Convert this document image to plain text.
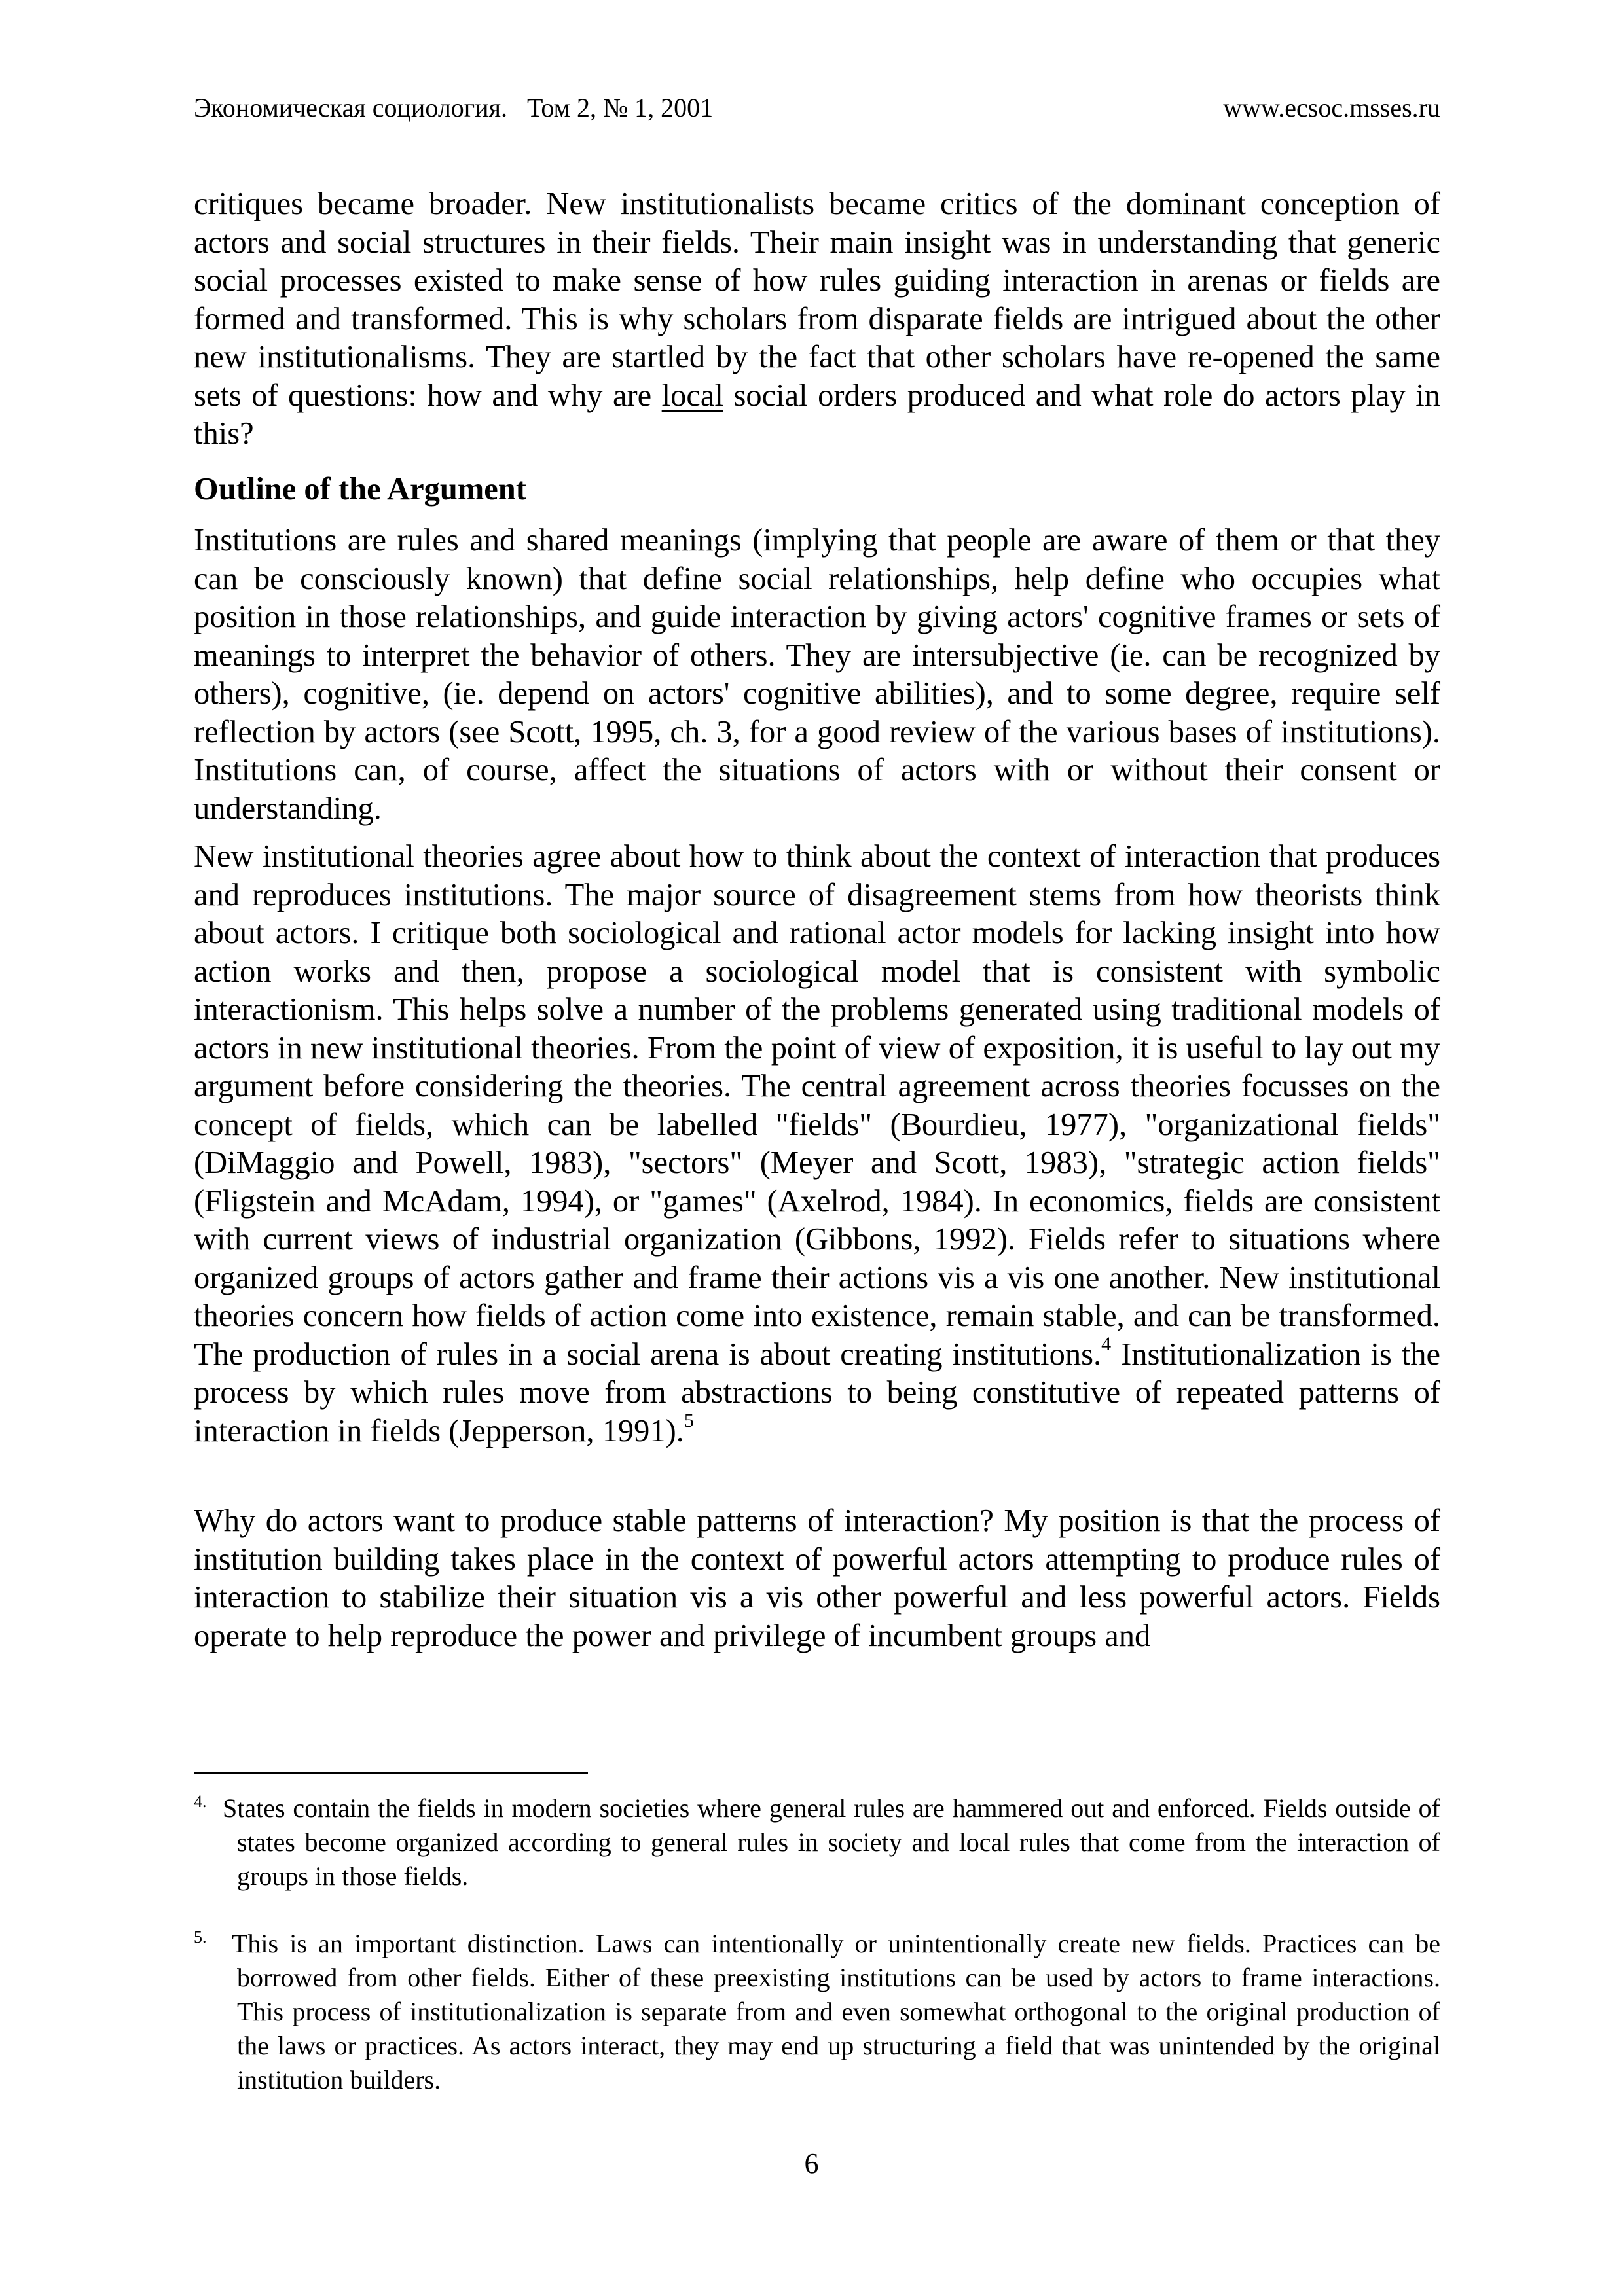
Экономическая социология.   Том 2, № 1, 2001	www.ecsoc.msses.ru

critiques became broader. New institutionalists became critics of the dominant conception of actors and social structures in their fields. Their main insight was in understanding that generic social processes existed to make sense of how rules guiding interaction in arenas or fields are formed and transformed. This is why scholars from disparate fields are intrigued about the other new institutionalisms. They are startled by the fact that other scholars have re-opened the same sets of questions: how and why are local social orders produced and what role do actors play in this?

Outline of the Argument

Institutions are rules and shared meanings (implying that people are aware of them or that they can be consciously known) that define social relationships, help define who occupies what position in those relationships, and guide interaction by giving actors' cognitive frames or sets of meanings to interpret the behavior of others. They are intersubjective (ie. can be recognized by others), cognitive, (ie. depend on actors' cognitive abilities), and to some degree, require self reflection by actors (see Scott, 1995, ch. 3, for a good review of the various bases of institutions). Institutions can, of course, affect the situations of actors with or without their consent or understanding.

New institutional theories agree about how to think about the context of interaction that produces and reproduces institutions. The major source of disagreement stems from how theorists think about actors. I critique both sociological and rational actor models for lacking insight into how action works and then, propose a sociological model that is consistent with symbolic interactionism. This helps solve a number of the problems generated using traditional models of actors in new institutional theories. From the point of view of exposition, it is useful to lay out my argument before considering the theories. The central agreement across theories focusses on the concept of fields, which can be labelled "fields" (Bourdieu, 1977), "organizational fields" (DiMaggio and Powell, 1983), "sectors" (Meyer and Scott, 1983), "strategic action fields" (Fligstein and McAdam, 1994), or "games" (Axelrod, 1984). In economics, fields are consistent with current views of industrial organization (Gibbons, 1992). Fields refer to situations where organized groups of actors gather and frame their actions vis a vis one another. New institutional theories concern how fields of action come into existence, remain stable, and can be transformed. The production of rules in a social arena is about creating institutions.$^4$ Institutionalization is the process by which rules move from abstractions to being constitutive of repeated patterns of interaction in fields (Jepperson, 1991).$^5$

Why do actors want to produce stable patterns of interaction? My position is that the process of institution building takes place in the context of powerful actors attempting to produce rules of interaction to stabilize their situation vis a vis other powerful and less powerful actors. Fields operate to help reproduce the power and privilege of incumbent groups and

4. States contain the fields in modern societies where general rules are hammered out and enforced. Fields outside of states become organized according to general rules in society and local rules that come from the interaction of groups in those fields.
5. This is an important distinction. Laws can intentionally or unintentionally create new fields. Practices can be borrowed from other fields. Either of these preexisting institutions can be used by actors to frame interactions. This process of institutionalization is separate from and even somewhat orthogonal to the original production of the laws or practices. As actors interact, they may end up structuring a field that was unintended by the original institution builders.
6
